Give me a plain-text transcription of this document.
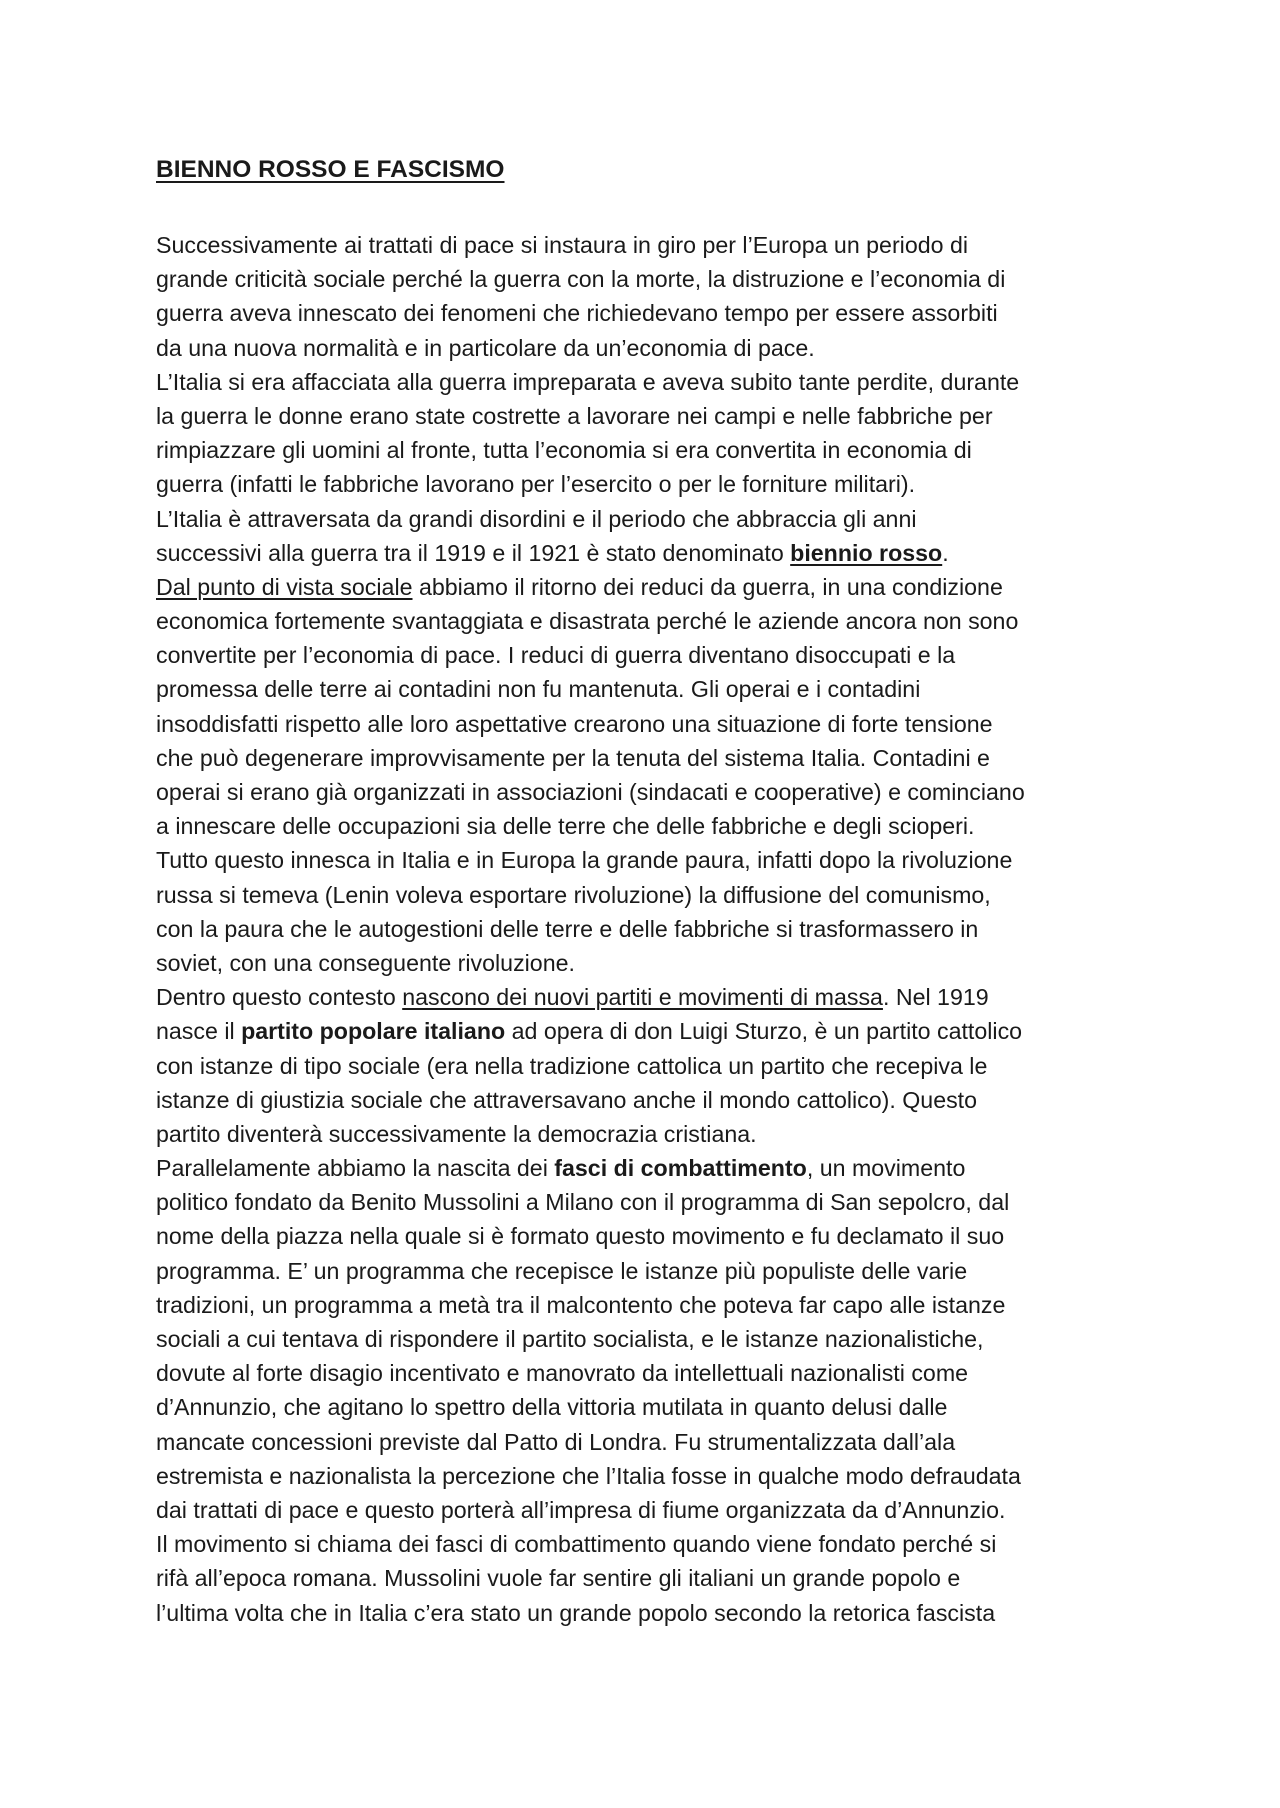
BIENNO ROSSO E FASCISMO
Successivamente ai trattati di pace si instaura in giro per l’Europa un periodo di
grande criticità sociale perché la guerra con la morte, la distruzione e l’economia di
guerra aveva innescato dei fenomeni che richiedevano tempo per essere assorbiti
da una nuova normalità e in particolare da un’economia di pace.
L’Italia si era affacciata alla guerra impreparata e aveva subito tante perdite, durante
la guerra le donne erano state costrette a lavorare nei campi e nelle fabbriche per
rimpiazzare gli uomini al fronte, tutta l’economia si era convertita in economia di
guerra (infatti le fabbriche lavorano per l’esercito o per le forniture militari).
L’Italia è attraversata da grandi disordini e il periodo che abbraccia gli anni
successivi alla guerra tra il 1919 e il 1921 è stato denominato biennio rosso.
Dal punto di vista sociale abbiamo il ritorno dei reduci da guerra, in una condizione
economica fortemente svantaggiata e disastrata perché le aziende ancora non sono
convertite per l’economia di pace. I reduci di guerra diventano disoccupati e la
promessa delle terre ai contadini non fu mantenuta. Gli operai e i contadini
insoddisfatti rispetto alle loro aspettative crearono una situazione di forte tensione
che può degenerare improvvisamente per la tenuta del sistema Italia. Contadini e
operai si erano già organizzati in associazioni (sindacati e cooperative) e cominciano
a innescare delle occupazioni sia delle terre che delle fabbriche e degli scioperi.
Tutto questo innesca in Italia e in Europa la grande paura, infatti dopo la rivoluzione
russa si temeva (Lenin voleva esportare rivoluzione) la diffusione del comunismo,
con la paura che le autogestioni delle terre e delle fabbriche si trasformassero in
soviet, con una conseguente rivoluzione.
Dentro questo contesto nascono dei nuovi partiti e movimenti di massa. Nel 1919
nasce il partito popolare italiano ad opera di don Luigi Sturzo, è un partito cattolico
con istanze di tipo sociale (era nella tradizione cattolica un partito che recepiva le
istanze di giustizia sociale che attraversavano anche il mondo cattolico). Questo
partito diventerà successivamente la democrazia cristiana.
Parallelamente abbiamo la nascita dei fasci di combattimento, un movimento
politico fondato da Benito Mussolini a Milano con il programma di San sepolcro, dal
nome della piazza nella quale si è formato questo movimento e fu declamato il suo
programma. E’ un programma che recepisce le istanze più populiste delle varie
tradizioni, un programma a metà tra il malcontento che poteva far capo alle istanze
sociali a cui tentava di rispondere il partito socialista, e le istanze nazionalistiche,
dovute al forte disagio incentivato e manovrato da intellettuali nazionalisti come
d’Annunzio, che agitano lo spettro della vittoria mutilata in quanto delusi dalle
mancate concessioni previste dal Patto di Londra. Fu strumentalizzata dall’ala
estremista e nazionalista la percezione che l’Italia fosse in qualche modo defraudata
dai trattati di pace e questo porterà all’impresa di fiume organizzata da d’Annunzio.
Il movimento si chiama dei fasci di combattimento quando viene fondato perché si
rifà all’epoca romana. Mussolini vuole far sentire gli italiani un grande popolo e
l’ultima volta che in Italia c’era stato un grande popolo secondo la retorica fascista
